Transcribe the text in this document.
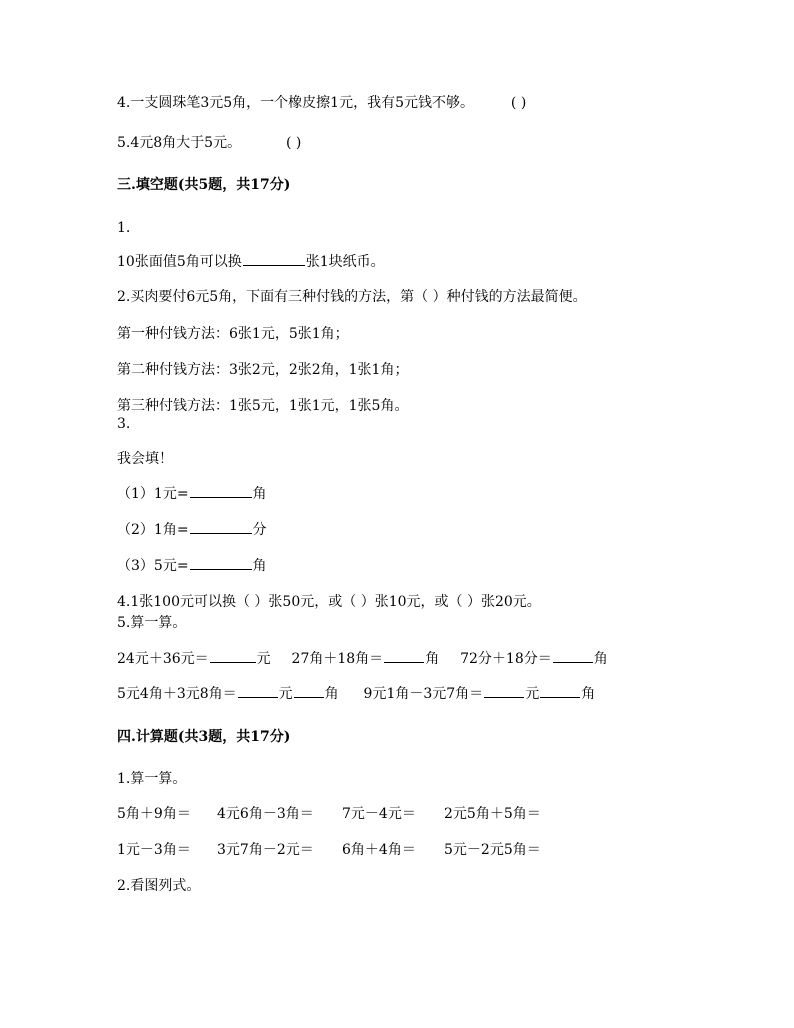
4.一支圆珠笔3元5角，一个橡皮擦1元，我有5元钱不够。	( )
5.4元8角大于5元。	( )
三.填空题(共5题，共17分)
1.
10张面值5角可以换	张1块纸币。
2.买肉要付6元5角，下面有三种付钱的方法，第（ ）种付钱的方法最简便。
第一种付钱方法：6张1元，5张1角；
第二种付钱方法：3张2元，2张2角，1张1角；
第三种付钱方法：1张5元，1张1元，1张5角。
3.
我会填！
（1）1元=	角
（2）1角=	分
（3）5元=	角
4.1张100元可以换（ ）张50元，或（ ）张10元，或（ ）张20元。
5.算一算。
24元＋36元＝	元 27角＋18角＝	角 72分＋18分＝	角
5元4角＋3元8角＝	元 角 9元1角－3元7角＝	元	角
四.计算题(共3题，共17分)
1.算一算。
5角＋9角＝ 4元6角－3角＝ 7元－4元＝ 2元5角＋5角＝
1元－3角＝ 3元7角－2元＝ 6角＋4角＝ 5元－2元5角＝
2.看图列式。
